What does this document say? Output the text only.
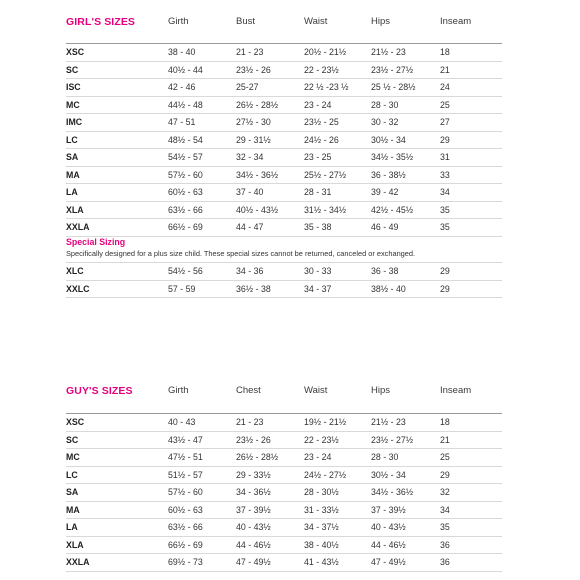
GIRL'S SIZES	Girth	Bust	Waist	Hips	Inseam
XSC	38 - 40	21 - 23	20½ - 21½	21½ - 23	18
SC	40½ - 44	23½ - 26	22 - 23½	23½ - 27½	21
ISC	42 - 46	25-27	22 ½ -23 ½	25 ½ - 28½	24
MC	44½ - 48	26½ - 28½	23 - 24	28 - 30	25
IMC	47 - 51	27½ - 30	23½ - 25	30 - 32	27
LC	48½ - 54	29 - 31½	24½ - 26	30½ - 34	29
SA	54½ - 57	32 - 34	23 - 25	34½ - 35½	31
MA	57½ - 60	34½ - 36½	25½ - 27½	36 - 38½	33
LA	60½ - 63	37 - 40	28 - 31	39 - 42	34
XLA	63½ - 66	40½ - 43½	31½ - 34½	42½ - 45½	35
XXLA	66½ - 69	44 - 47	35 - 38	46 - 49	35
Special Sizing
Specifically designed for a plus size child. These special sizes cannot be returned, canceled or exchanged.
XLC	54½ - 56	34 - 36	30 - 33	36 - 38	29
XXLC	57 - 59	36½ - 38	34 - 37	38½ - 40	29
GUY'S SIZES	Girth	Chest	Waist	Hips	Inseam
XSC	40 - 43	21 - 23	19½ - 21½	21½ - 23	18
SC	43½ - 47	23½ - 26	22 - 23½	23½ - 27½	21
MC	47½ - 51	26½ - 28½	23 - 24	28 - 30	25
LC	51½ - 57	29 - 33½	24½ - 27½	30½ - 34	29
SA	57½ - 60	34 - 36½	28 - 30½	34½ - 36½	32
MA	60½ - 63	37 - 39½	31 - 33½	37 - 39½	34
LA	63½ - 66	40 - 43½	34 - 37½	40 - 43½	35
XLA	66½ - 69	44 - 46½	38 - 40½	44 - 46½	36
XXLA	69½ - 73	47 - 49½	41 - 43½	47 - 49½	36
